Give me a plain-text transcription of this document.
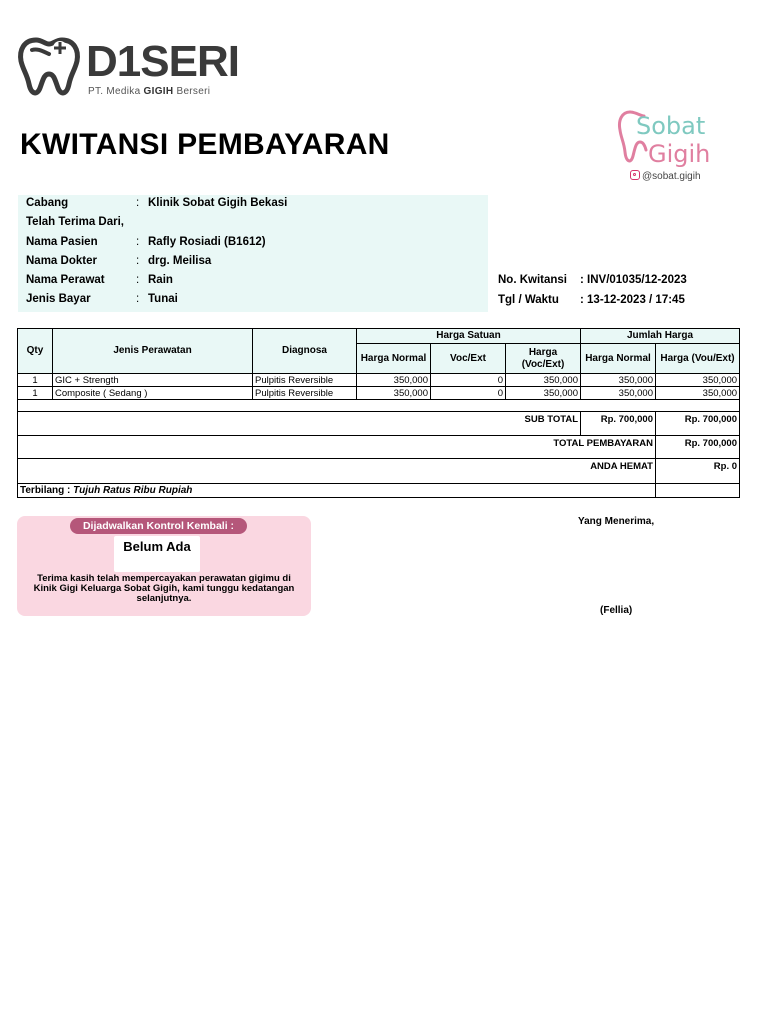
D1SERI
PT. Medika GIGIH Berseri
Sobat
Gigih
@sobat.gigih
KWITANSI PEMBAYARAN
Cabang	: Klinik Sobat Gigih Bekasi
Telah Terima Dari,
Nama Pasien	: Rafly Rosiadi (B1612)
Nama Dokter	: drg. Meilisa
Nama Perawat	: Rain
Jenis Bayar	: Tunai
No. Kwitansi : INV/01035/12-2023
Tgl / Waktu : 13-12-2023 / 17:45
Qty	Jenis Perawatan	Diagnosa	Harga Satuan			Jumlah Harga	
			Harga Normal	Voc/Ext	Harga (Voc/Ext)	Harga Normal	Harga (Vou/Ext)
1	GIC + Strength	Pulpitis Reversible	350,000	0	350,000	350,000	350,000
1	Composite ( Sedang )	Pulpitis Reversible	350,000	0	350,000	350,000	350,000

SUB TOTAL						Rp. 700,000	Rp. 700,000
TOTAL PEMBAYARAN							Rp. 700,000
ANDA HEMAT							Rp. 0
Terbilang : Tujuh Ratus Ribu Rupiah							
Dijadwalkan Kontrol Kembali :
Belum Ada
Terima kasih telah mempercayakan perawatan gigimu di Kinik Gigi Keluarga Sobat Gigih, kami tunggu kedatangan selanjutnya.
Yang Menerima,
(Fellia)
